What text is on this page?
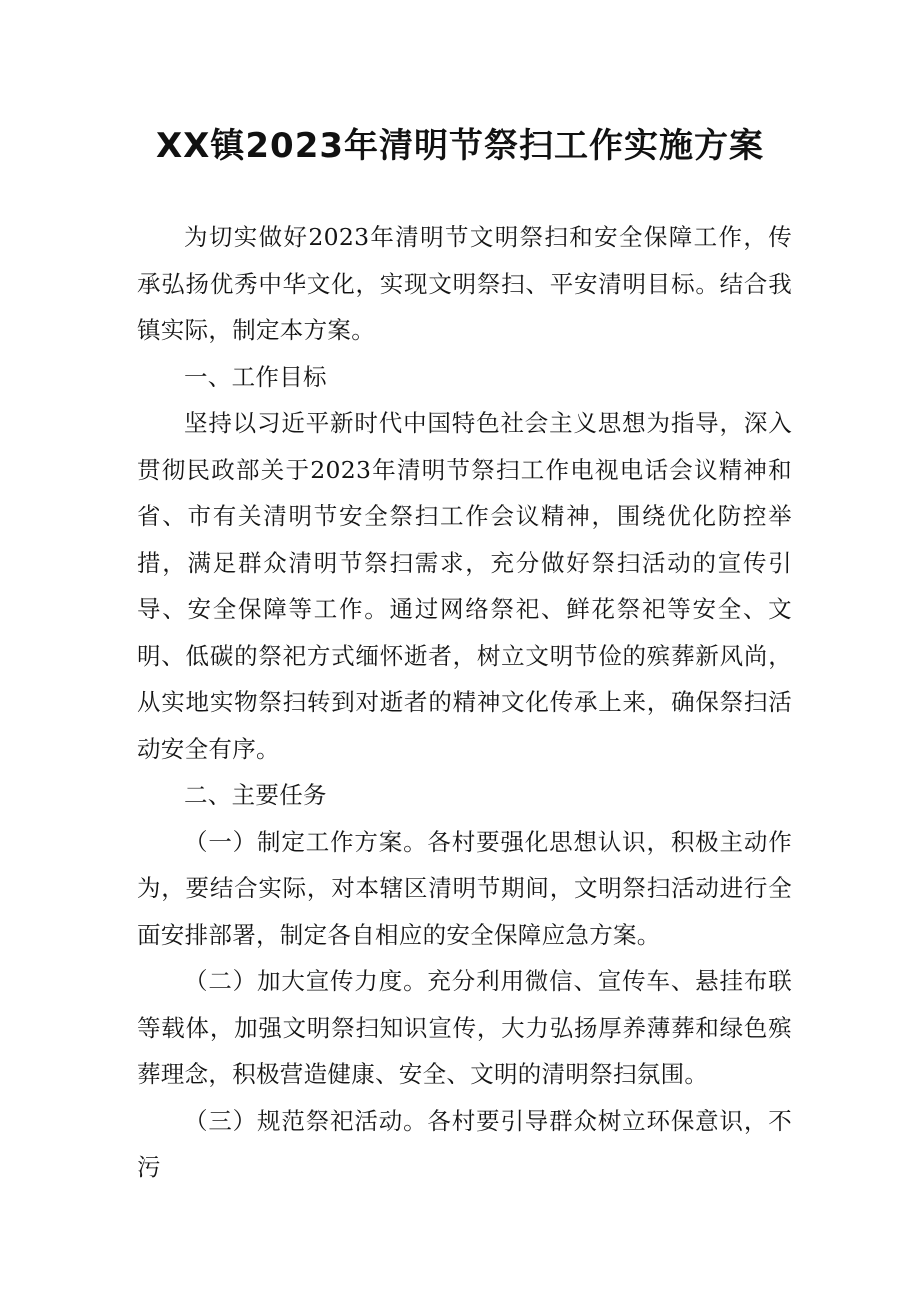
XX镇2023年清明节祭扫工作实施方案

为切实做好2023年清明节文明祭扫和安全保障工作，传承弘扬优秀中华文化，实现文明祭扫、平安清明目标。结合我镇实际，制定本方案。

一、工作目标

坚持以习近平新时代中国特色社会主义思想为指导，深入贯彻民政部关于2023年清明节祭扫工作电视电话会议精神和省、市有关清明节安全祭扫工作会议精神，围绕优化防控举措，满足群众清明节祭扫需求，充分做好祭扫活动的宣传引导、安全保障等工作。通过网络祭祀、鲜花祭祀等安全、文明、低碳的祭祀方式缅怀逝者，树立文明节俭的殡葬新风尚，从实地实物祭扫转到对逝者的精神文化传承上来，确保祭扫活动安全有序。

二、主要任务

（一）制定工作方案。各村要强化思想认识，积极主动作为，要结合实际，对本辖区清明节期间，文明祭扫活动进行全面安排部署，制定各自相应的安全保障应急方案。

（二）加大宣传力度。充分利用微信、宣传车、悬挂布联等载体，加强文明祭扫知识宣传，大力弘扬厚养薄葬和绿色殡葬理念，积极营造健康、安全、文明的清明祭扫氛围。

（三）规范祭祀活动。各村要引导群众树立环保意识，不污
